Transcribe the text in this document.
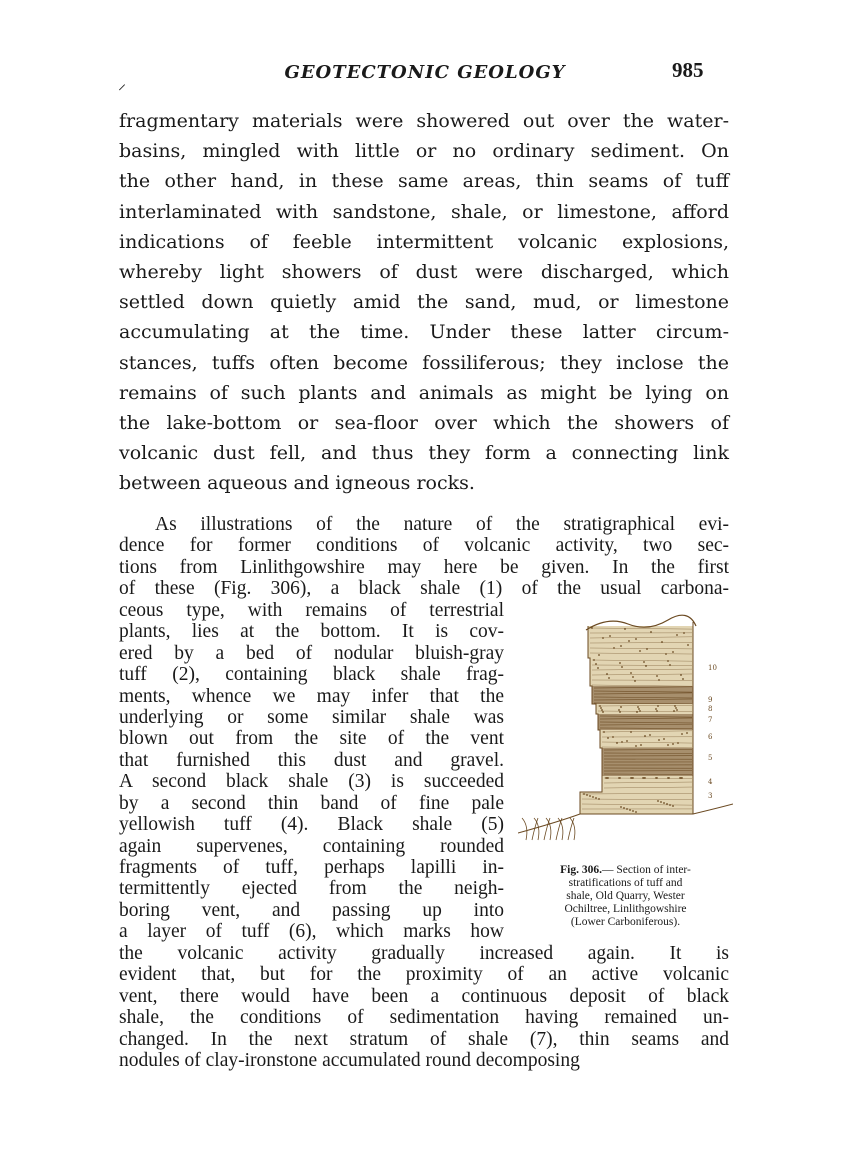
⸝
GEOTECTONIC GEOLOGY	985
fragmentary materials were showered out over the water-
basins, mingled with little or no ordinary sediment. On
the other hand, in these same areas, thin seams of tuff
interlaminated with sandstone, shale, or limestone, afford
indications of feeble intermittent volcanic explosions,
whereby light showers of dust were discharged, which
settled down quietly amid the sand, mud, or limestone
accumulating at the time. Under these latter circum-
stances, tuffs often become fossiliferous; they inclose the
remains of such plants and animals as might be lying on
the lake-bottom or sea-floor over which the showers of
volcanic dust fell, and thus they form a connecting link
between aqueous and igneous rocks.
As illustrations of the nature of the stratigraphical evi-
dence for former conditions of volcanic activity, two sec-
tions from Linlithgowshire may here be given. In the first
of these (Fig. 306), a black shale (1) of the usual carbona-
ceous type, with remains of terrestrial
plants, lies at the bottom. It is cov-
ered by a bed of nodular bluish-gray
tuff (2), containing black shale frag-
ments, whence we may infer that the
underlying or some similar shale was
blown out from the site of the vent
that furnished this dust and gravel.
A second black shale (3) is succeeded
by a second thin band of fine pale
yellowish tuff (4). Black shale (5)
again supervenes, containing rounded
fragments of tuff, perhaps lapilli in-
termittently ejected from the neigh-
boring vent, and passing up into
a layer of tuff (6), which marks how
the volcanic activity gradually increased again. It is
evident that, but for the proximity of an active volcanic
vent, there would have been a continuous deposit of black
shale, the conditions of sedimentation having remained un-
changed. In the next stratum of shale (7), thin seams and
nodules of clay-ironstone accumulated round decomposing
10
9
8
7
6
5
4
3
Fig. 306.— Section of inter-
stratifications of tuff and
shale, Old Quarry, Wester
Ochiltree, Linlithgowshire
(Lower Carboniferous).
